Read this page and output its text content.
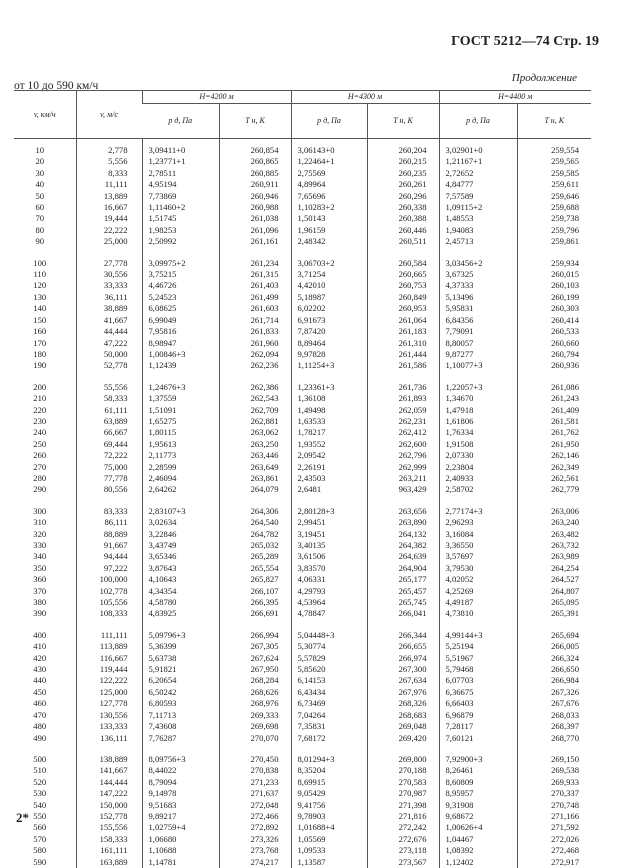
ГОСТ 5212—74 Стр. 19
Продолжение
от 10 до 590 км/ч
v, км/ч	v, м/с	H=4200 м		H=4300 м		H=4400 м	
		p д, Па	T н, К	p д, Па	T н, К	p д, Па	T н, К

10	2,778	3,09411+0	260,854	3,06143+0	260,204	3,02901+0	259,554
20	5,556	1,23771+1	260,865	1,22464+1	260,215	1,21167+1	259,565
30	8,333	2,78511	260,885	2,75569	260,235	2,72652	259,585
40	11,111	4,95194	260,911	4,89964	260,261	4,84777	259,611
50	13,889	7,73869	260,946	7,65696	260,296	7,57589	259,646
60	16,667	1,11460+2	260,988	1,10283+2	260,338	1,09115+2	259,688
70	19,444	1,51745	261,038	1,50143	260,388	1,48553	259,738
80	22,222	1,98253	261,096	1,96159	260,446	1,94083	259,796
90	25,000	2,50992	261,161	2,48342	260,511	2,45713	259,861

100	27,778	3,09975+2	261,234	3,06703+2	260,584	3,03456+2	259,934
110	30,556	3,75215	261,315	3,71254	260,665	3,67325	260,015
120	33,333	4,46726	261,403	4,42010	260,753	4,37333	260,103
130	36,111	5,24523	261,499	5,18987	260,849	5,13496	260,199
140	38,889	6,08625	261,603	6,02202	260,953	5,95831	260,303
150	41,667	6,99049	261,714	6,91673	261,064	6,84356	260,414
160	44,444	7,95816	261,833	7,87420	261,183	7,79091	260,533
170	47,222	8,98947	261,960	8,89464	261,310	8,80057	260,660
180	50,000	1,00846+3	262,094	9,97828	261,444	9,87277	260,794
190	52,778	1,12439	262,236	1,11254+3	261,586	1,10077+3	260,936

200	55,556	1,24676+3	262,386	1,23361+3	261,736	1,22057+3	261,086
210	58,333	1,37559	262,543	1,36108	261,893	1,34670	261,243
220	61,111	1,51091	262,709	1,49498	262,059	1,47918	261,409
230	63,889	1,65275	262,881	1,63533	262,231	1,61806	261,581
240	66,667	1,80115	263,062	1,78217	262,412	1,76334	261,762
250	69,444	1,95613	263,250	1,93552	262,600	1,91508	261,950
260	72,222	2,11773	263,446	2,09542	262,796	2,07330	262,146
270	75,000	2,28599	263,649	2,26191	262,999	2,23804	262,349
280	77,778	2,46094	263,861	2,43503	263,211	2,40933	262,561
290	80,556	2,64262	264,079	2,6481	963,429	2,58702	262,779

300	83,333	2,83107+3	264,306	2,80128+3	263,656	2,77174+3	263,006
310	86,111	3,02634	264,540	2,99451	263,890	2,96293	263,240
320	88,889	3,22846	264,782	3,19451	264,132	3,16084	263,482
330	91,667	3,43749	265,032	3,40135	264,382	3,36550	263,732
340	94,444	3,65346	265,289	3,61506	264,639	3,57697	263,989
350	97,222	3,87643	265,554	3,83570	264,904	3,79530	264,254
360	100,000	4,10643	265,827	4,06331	265,177	4,02052	264,527
370	102,778	4,34354	266,107	4,29793	265,457	4,25269	264,807
380	105,556	4,58780	266,395	4,53964	265,745	4,49187	265,095
390	108,333	4,83925	266,691	4,78847	266,041	4,73810	265,391

400	111,111	5,09796+3	266,994	5,04448+3	266,344	4,99144+3	265,694
410	113,889	5,36399	267,305	5,30774	266,655	5,25194	266,005
420	116,667	5,63738	267,624	5,57829	266,974	5,51967	266,324
430	119,444	5,91821	267,950	5,85620	267,300	5,79468	266,650
440	122,222	6,20654	268,284	6,14153	267,634	6,07703	266,984
450	125,000	6,50242	268,626	6,43434	267,976	6,36675	267,326
460	127,778	6,80593	268,976	6,73469	268,326	6,66403	267,676
470	130,556	7,11713	269,333	7,04264	268,683	6,96879	268,033
480	133,333	7,43608	269,698	7,35831	269,048	7,28117	268,397
490	136,111	7,76287	270,070	7,68172	269,420	7,60121	268,770

500	138,889	8,09756+3	270,450	8,01294+3	269,800	7,92900+3	269,150
510	141,667	8,44022	270,838	8,35204	270,188	8,26461	269,538
520	144,444	8,79094	271,233	8,69915	270,583	8,60809	269,933
530	147,222	9,14978	271,637	9,05429	270,987	8,95957	270,337
540	150,000	9,51683	272,048	9,41756	271,398	9,31908	270,748
550	152,778	9,89217	272,466	9,78903	271,816	9,68672	271,166
560	155,556	1,02759+4	272,892	1,01688+4	272,242	1,00626+4	271,592
570	158,333	1,06680	273,326	1,05569	272,676	1,04467	272,026
580	161,111	1,10688	273,768	1,09533	273,118	1,08392	272,468
590	163,889	1,14781	274,217	1,13587	273,567	1,12402	272,917
2*
